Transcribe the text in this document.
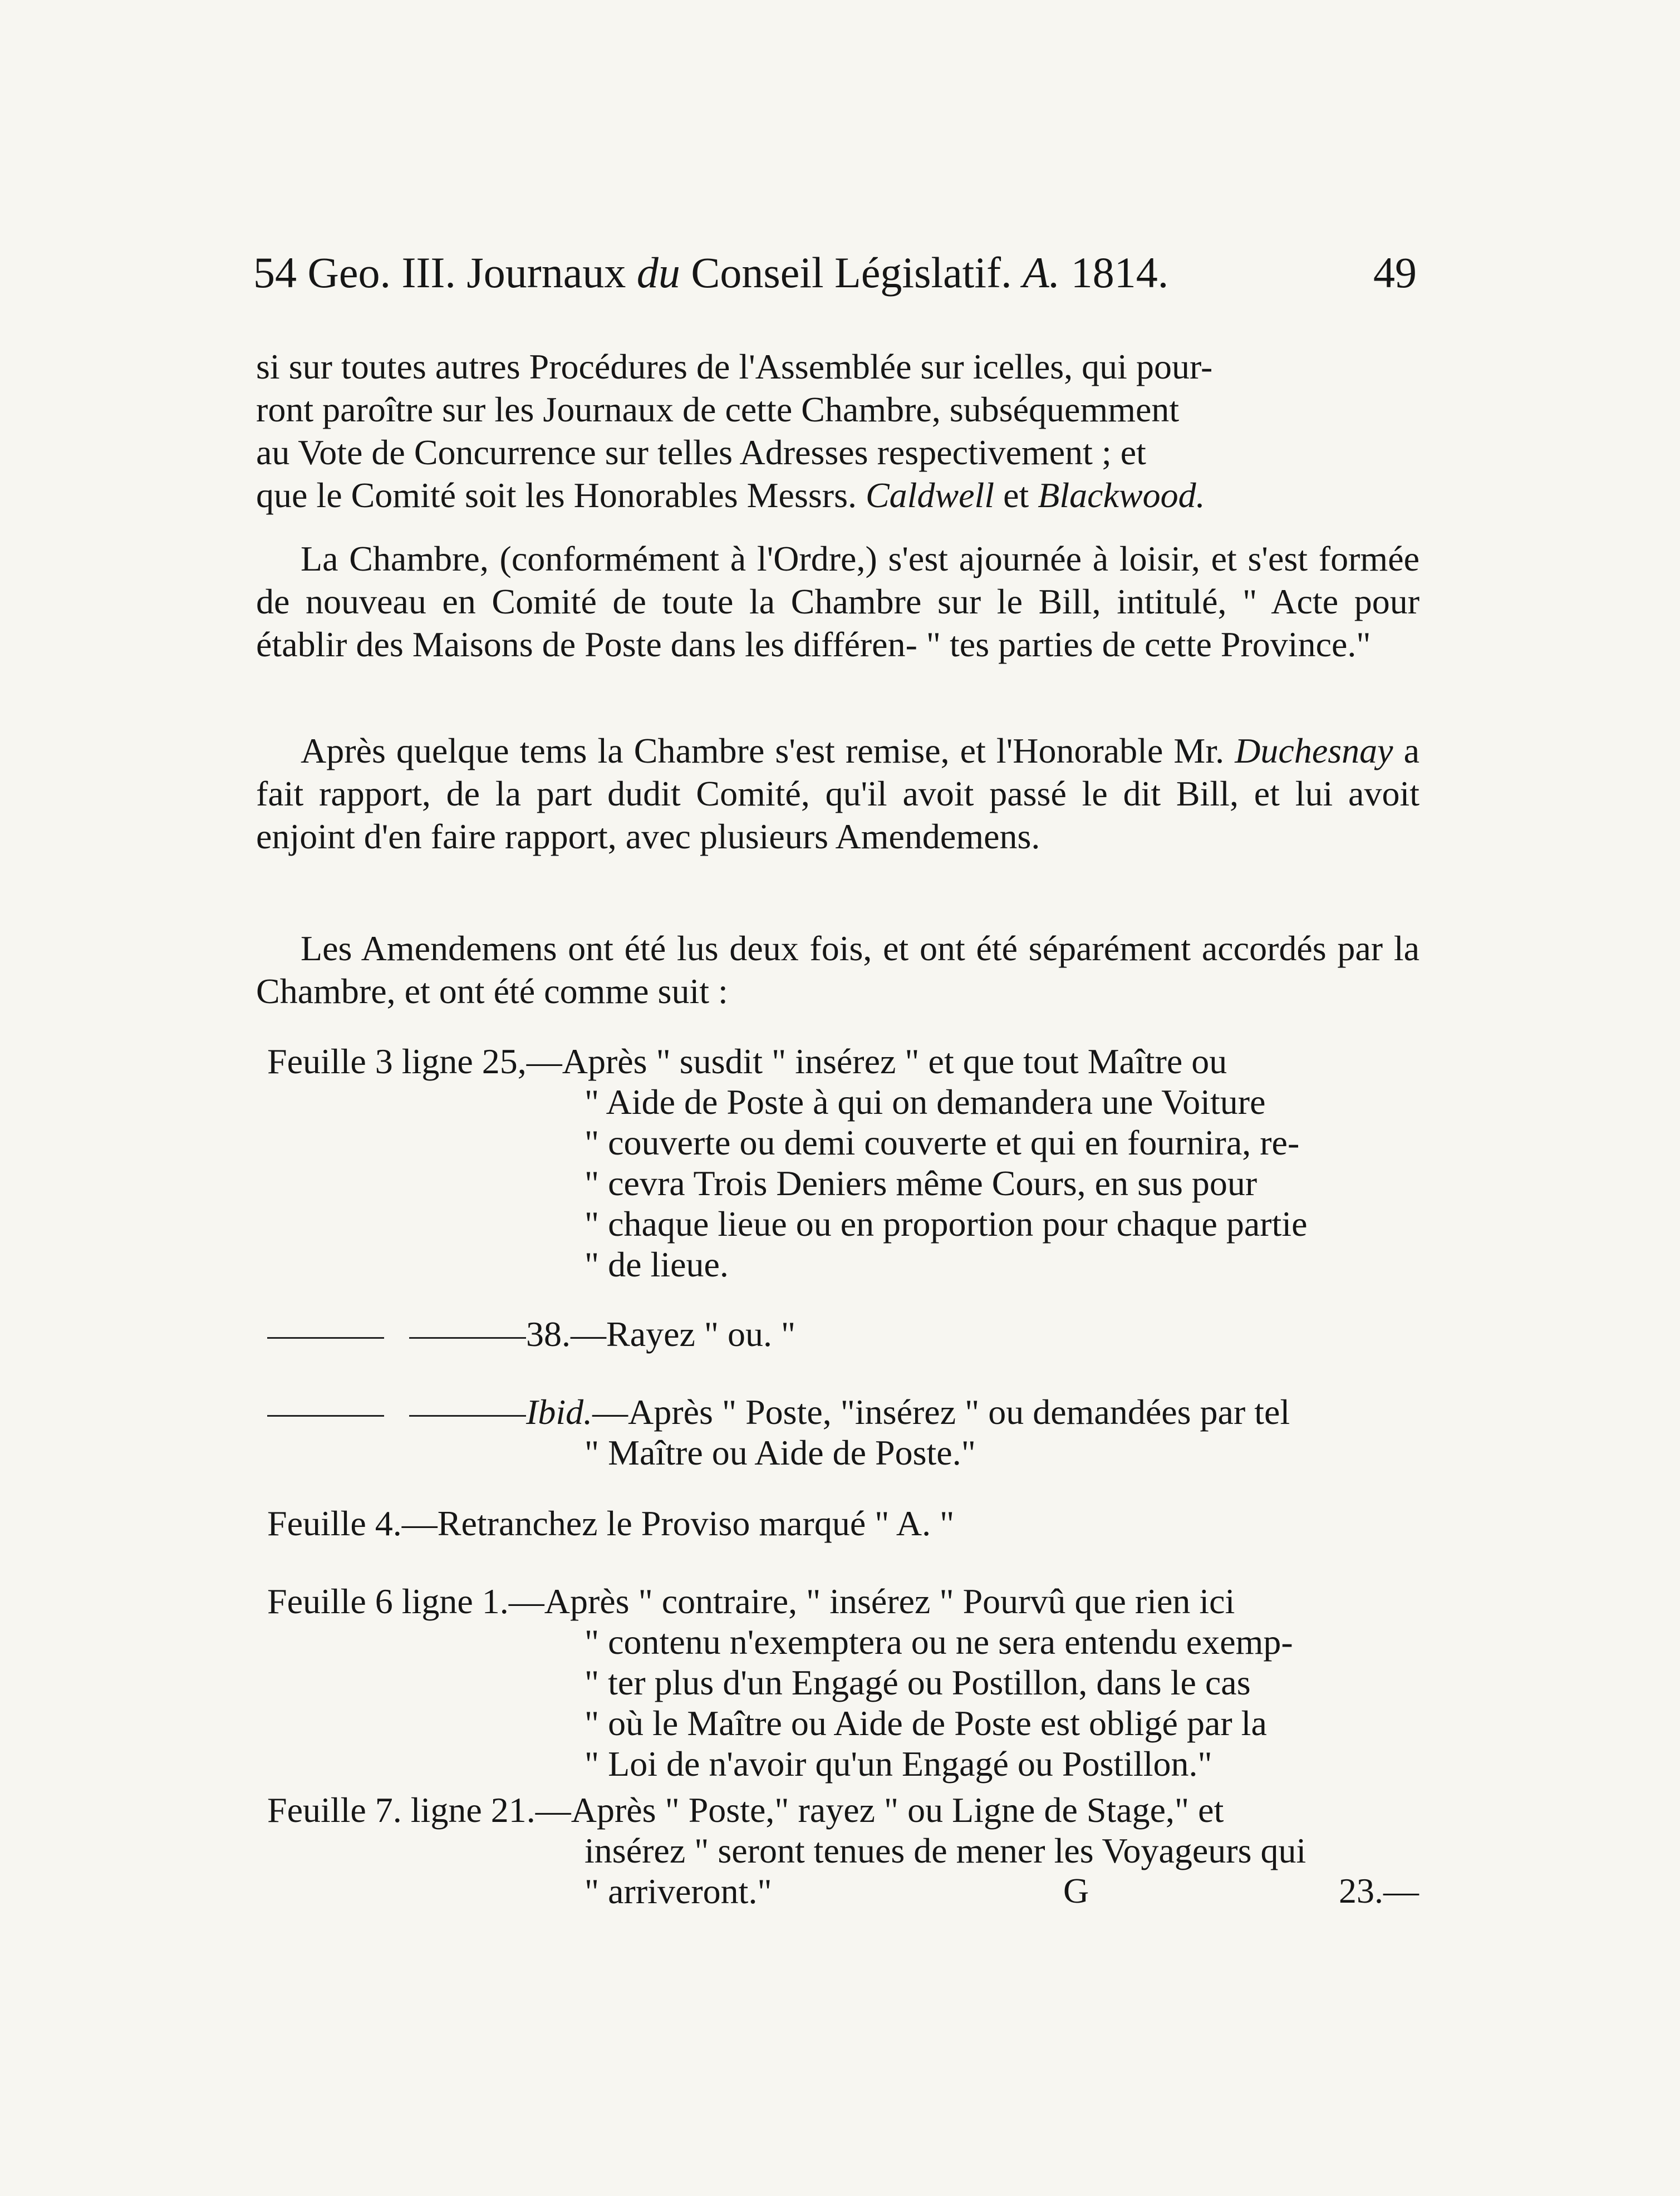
54 Geo. III. Journaux du Conseil Législatif. A. 1814.	49
si sur toutes autres Procédures de l'Assemblée sur icelles, qui pour-
ront paroître sur les Journaux de cette Chambre, subséquemment
au Vote de Concurrence sur telles Adresses respectivement ; et
que le Comité soit les Honorables Messrs. Caldwell et Blackwood.
La Chambre, (conformément à l'Ordre,) s'est ajournée à loisir, et s'est formée de nouveau en Comité de toute la Chambre sur le Bill, intitulé, " Acte pour établir des Maisons de Poste dans les différen- " tes parties de cette Province."
Après quelque tems la Chambre s'est remise, et l'Honorable Mr. Duchesnay a fait rapport, de la part dudit Comité, qu'il avoit passé le dit Bill, et lui avoit enjoint d'en faire rapport, avec plusieurs Amendemens.
Les Amendemens ont été lus deux fois, et ont été séparément accordés par la Chambre, et ont été comme suit :
Feuille 3 ligne 25,—Après " susdit " insérez " et que tout Maître ou
" Aide de Poste à qui on demandera une Voiture
" couverte ou demi couverte et qui en fournira, re-
" cevra Trois Deniers même Cours, en sus pour
" chaque lieue ou en proportion pour chaque partie
" de lieue.
38.—Rayez " ou. "
Ibid.—Après " Poste, "insérez " ou demandées par tel
" Maître ou Aide de Poste."
Feuille 4.—Retranchez le Proviso marqué " A. "
Feuille 6 ligne 1.—Après " contraire, " insérez " Pourvû que rien ici
" contenu n'exemptera ou ne sera entendu exemp-
" ter plus d'un Engagé ou Postillon, dans le cas
" où le Maître ou Aide de Poste est obligé par la
" Loi de n'avoir qu'un Engagé ou Postillon."
Feuille 7. ligne 21.—Après " Poste," rayez " ou Ligne de Stage," et
insérez " seront tenues de mener les Voyageurs qui
" arriveront."	G	23.—
